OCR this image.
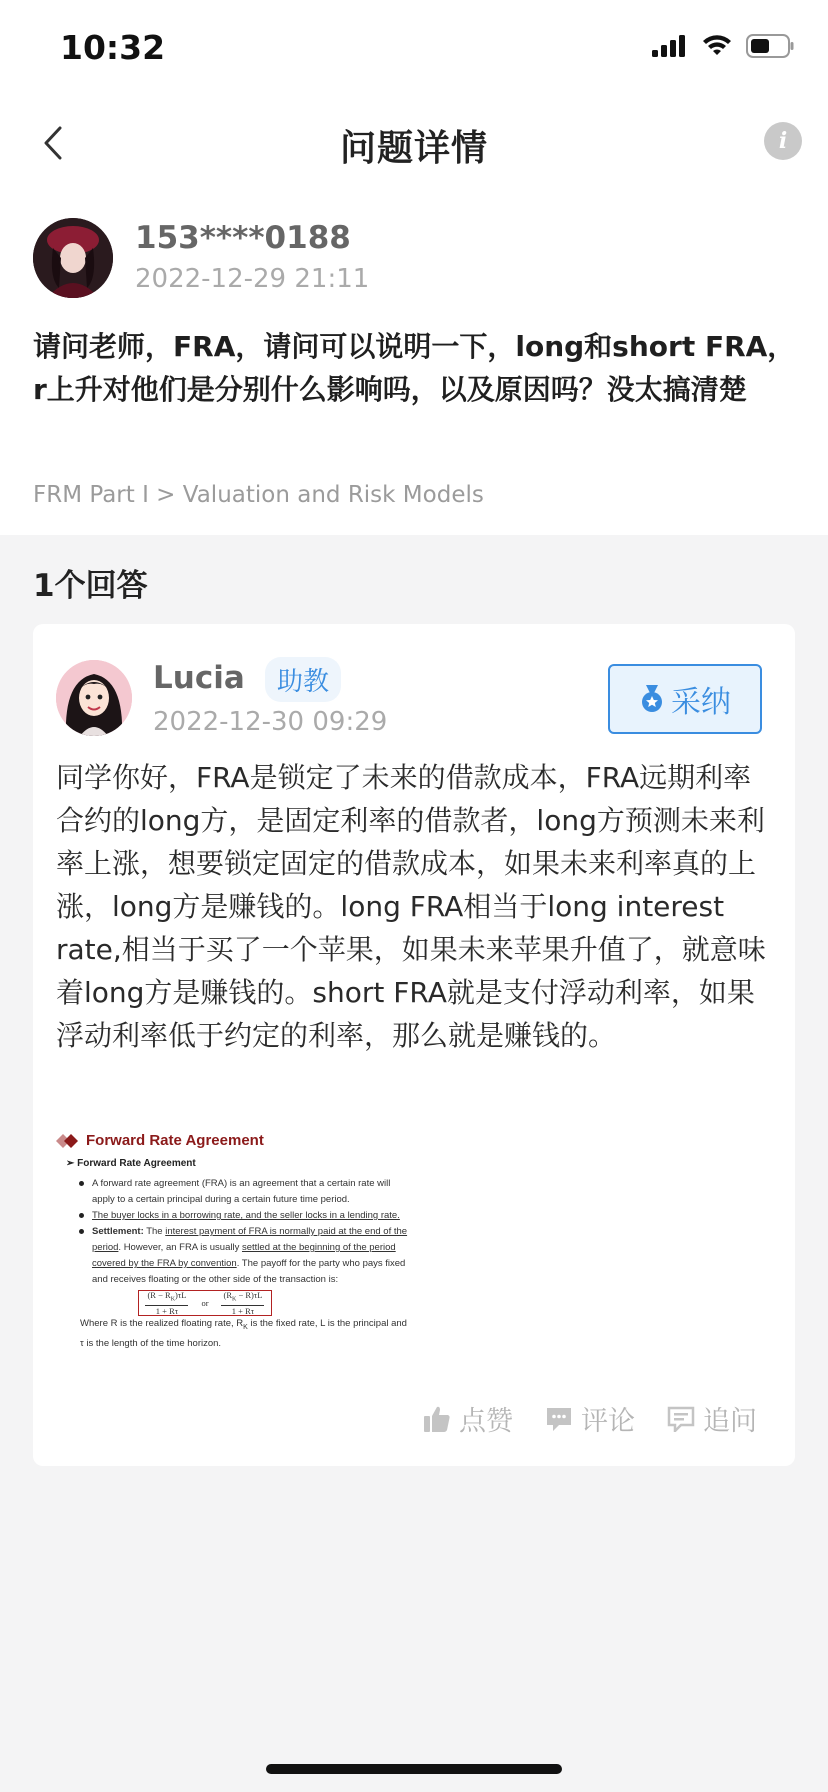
10:32
问题详情	i
153****0188
2022-12-29 21:11
请问老师，FRA，请问可以说明一下，long和short FRA，r上升对他们是分别什么影响吗，以及原因吗？没太搞清楚
FRM Part I > Valuation and Risk Models
1个回答
Lucia	助教
2022-12-30 09:29
采纳
同学你好，FRA是锁定了未来的借款成本，FRA远期利率合约的long方，是固定利率的借款者，long方预测未来利率上涨，想要锁定固定的借款成本，如果未来利率真的上涨，long方是赚钱的。long FRA相当于long interest rate,相当于买了一个苹果，如果未来苹果升值了，就意味着long方是赚钱的。short FRA就是支付浮动利率，如果浮动利率低于约定的利率，那么就是赚钱的。
Forward Rate Agreement
➢ Forward Rate Agreement
A forward rate agreement (FRA) is an agreement that a certain rate will apply to a certain principal during a certain future time period.
The buyer locks in a borrowing rate, and the seller locks in a lending rate.
Settlement: The interest payment of FRA is normally paid at the end of the period. However, an FRA is usually settled at the beginning of the period covered by the FRA by convention. The payoff for the party who pays fixed and receives floating or the other side of the transaction is:
$\frac{(R - R_K)\tau L}{1 + R\tau}$ or $\frac{(R_K - R)\tau L}{1 + R\tau}$
Where R is the realized floating rate, $R_K$ is the fixed rate, L is the principal and τ is the length of the time horizon.
点赞	评论	追问
